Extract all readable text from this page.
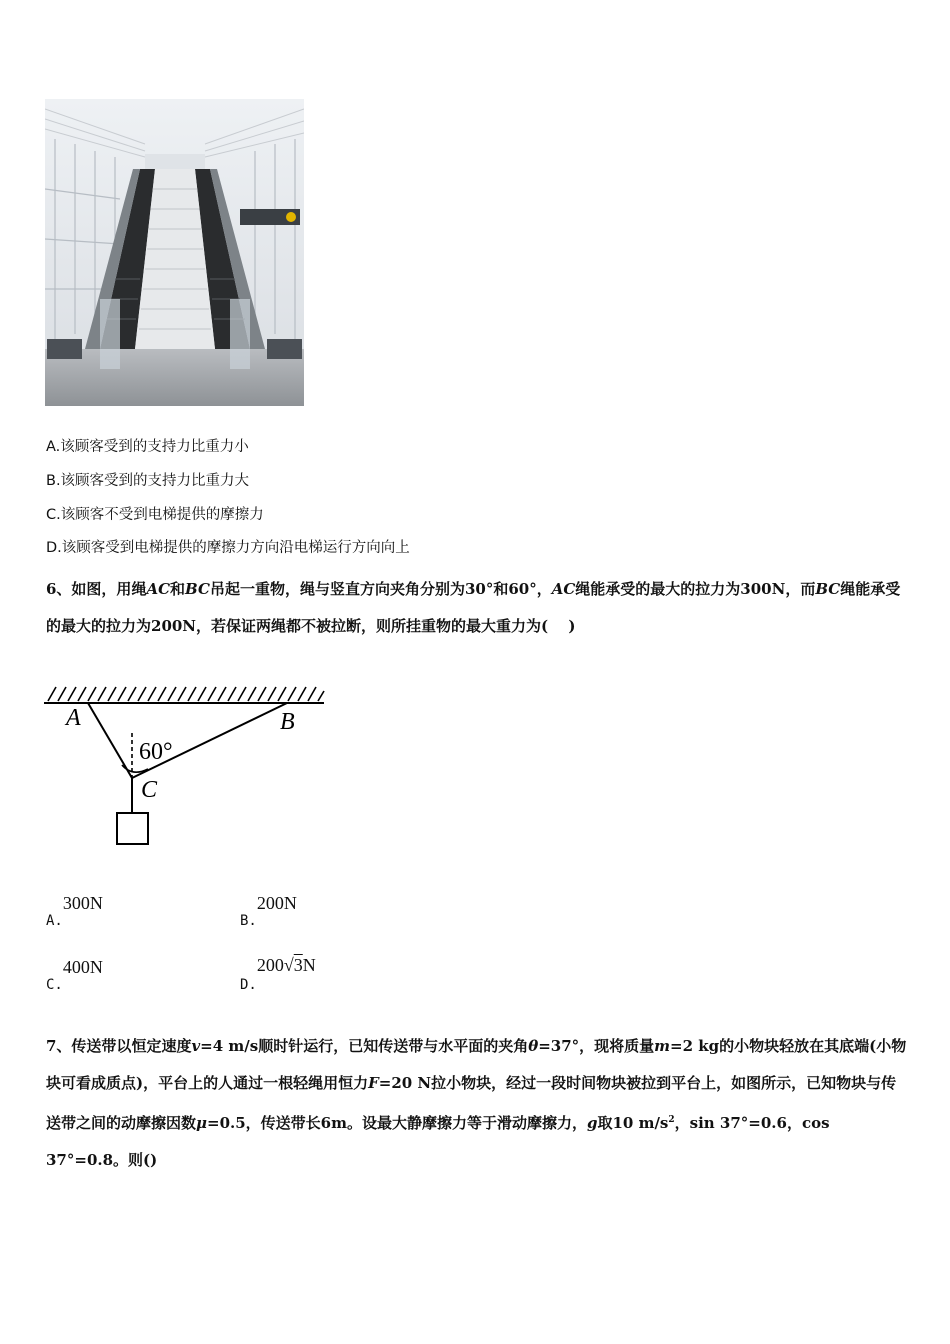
A.该顾客受到的支持力比重力小
B.该顾客受到的支持力比重力大
C.该顾客不受到电梯提供的摩擦力
D.该顾客受到电梯提供的摩擦力方向沿电梯运行方向向上
6、如图，用绳AC和BC吊起一重物，绳与竖直方向夹角分别为30°和60°，AC绳能承受的最大的拉力为300N，而BC绳能承受的最大的拉力为200N，若保证两绳都不被拉断，则所挂重物的最大重力为(　 )
A	B
C
60°
A.300N
B.200N
C.400N
D.200√3N
7、传送带以恒定速度v=4 m/s顺时针运行，已知传送带与水平面的夹角θ=37°，现将质量m=2 kg的小物块轻放在其底端(小物块可看成质点)，平台上的人通过一根轻绳用恒力F=20 N拉小物块，经过一段时间物块被拉到平台上，如图所示，已知物块与传送带之间的动摩擦因数μ=0.5，传送带长6m。设最大静摩擦力等于滑动摩擦力，g取10 $m/s^2$，sin 37°=0.6，cos 37°=0.8。则()
